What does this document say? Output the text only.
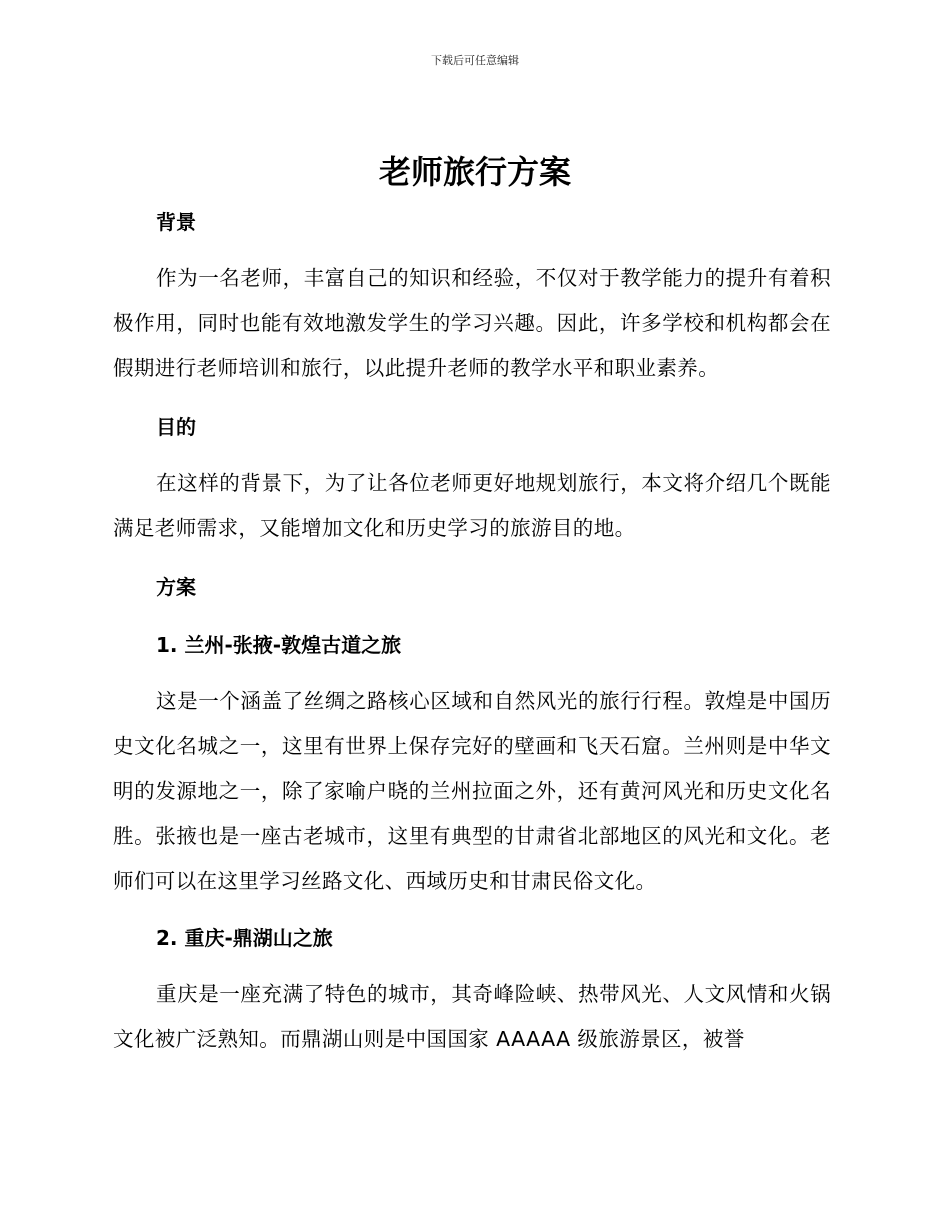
下载后可任意编辑
老师旅行方案
背景

作为一名老师，丰富自己的知识和经验，不仅对于教学能力的提升有着积极作用，同时也能有效地激发学生的学习兴趣。因此，许多学校和机构都会在假期进行老师培训和旅行，以此提升老师的教学水平和职业素养。

目的

在这样的背景下，为了让各位老师更好地规划旅行，本文将介绍几个既能满足老师需求，又能增加文化和历史学习的旅游目的地。

方案
1. 兰州-张掖-敦煌古道之旅

这是一个涵盖了丝绸之路核心区域和自然风光的旅行行程。敦煌是中国历史文化名城之一，这里有世界上保存完好的壁画和飞天石窟。兰州则是中华文明的发源地之一，除了家喻户晓的兰州拉面之外，还有黄河风光和历史文化名胜。张掖也是一座古老城市，这里有典型的甘肃省北部地区的风光和文化。老师们可以在这里学习丝路文化、西域历史和甘肃民俗文化。

2. 重庆-鼎湖山之旅

重庆是一座充满了特色的城市，其奇峰险峡、热带风光、人文风情和火锅文化被广泛熟知。而鼎湖山则是中国国家 AAAAA 级旅游景区，被誉
